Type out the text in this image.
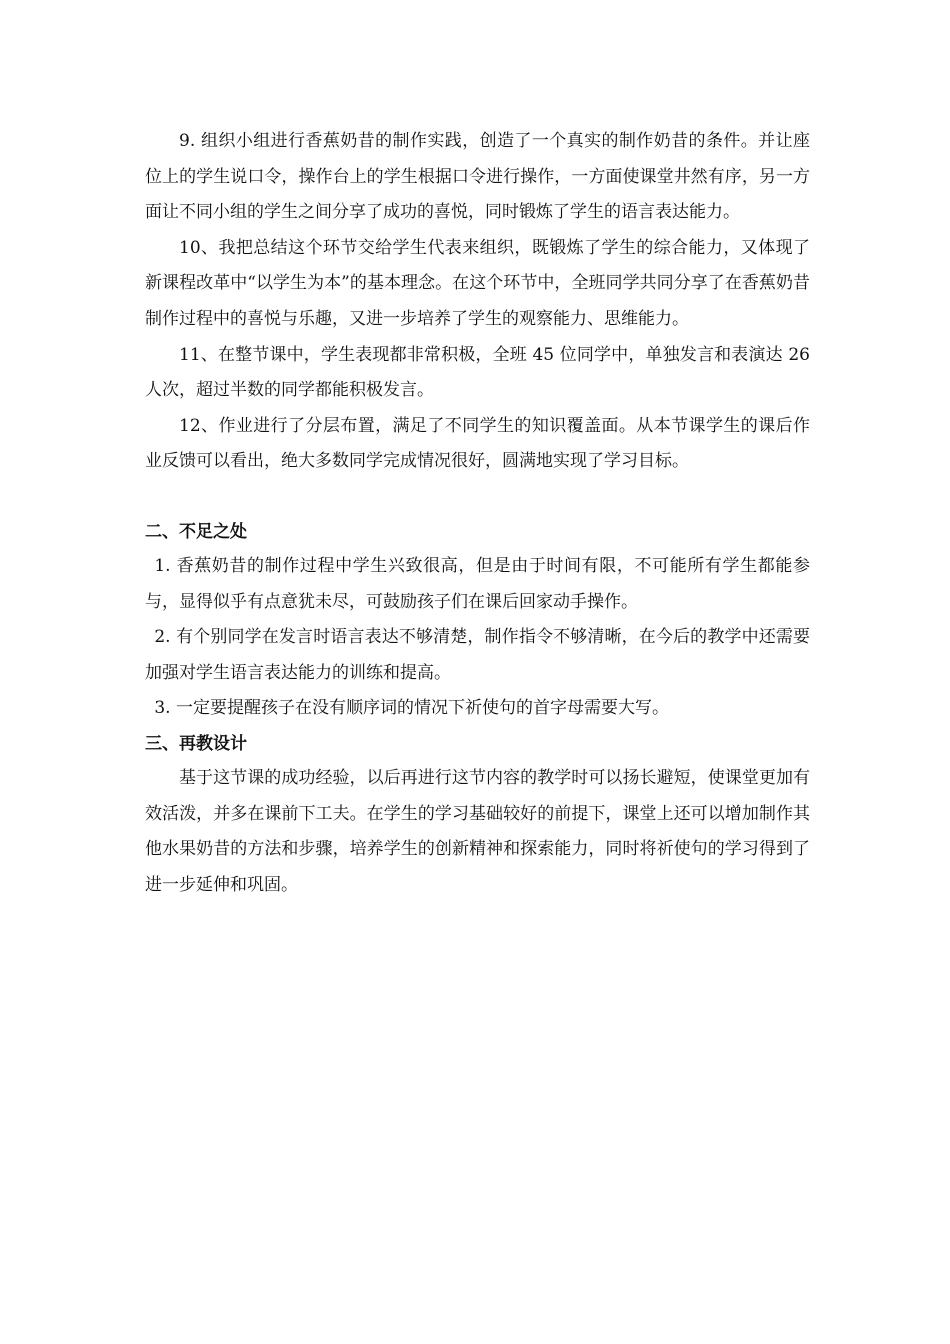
9. 组织小组进行香蕉奶昔的制作实践，创造了一个真实的制作奶昔的条件。并让座位上的学生说口令，操作台上的学生根据口令进行操作，一方面使课堂井然有序，另一方面让不同小组的学生之间分享了成功的喜悦，同时锻炼了学生的语言表达能力。

10、我把总结这个环节交给学生代表来组织，既锻炼了学生的综合能力，又体现了新课程改革中“以学生为本”的基本理念。在这个环节中，全班同学共同分享了在香蕉奶昔制作过程中的喜悦与乐趣，又进一步培养了学生的观察能力、思维能力。

11、在整节课中，学生表现都非常积极，全班 45 位同学中，单独发言和表演达 26 人次，超过半数的同学都能积极发言。

12、作业进行了分层布置，满足了不同学生的知识覆盖面。从本节课学生的课后作业反馈可以看出，绝大多数同学完成情况很好，圆满地实现了学习目标。

二、不足之处

1. 香蕉奶昔的制作过程中学生兴致很高，但是由于时间有限，不可能所有学生都能参与，显得似乎有点意犹未尽，可鼓励孩子们在课后回家动手操作。

2. 有个别同学在发言时语言表达不够清楚，制作指令不够清晰，在今后的教学中还需要加强对学生语言表达能力的训练和提高。

3. 一定要提醒孩子在没有顺序词的情况下祈使句的首字母需要大写。

三、再教设计

基于这节课的成功经验，以后再进行这节内容的教学时可以扬长避短，使课堂更加有效活泼，并多在课前下工夫。在学生的学习基础较好的前提下，课堂上还可以增加制作其他水果奶昔的方法和步骤，培养学生的创新精神和探索能力，同时将祈使句的学习得到了进一步延伸和巩固。
